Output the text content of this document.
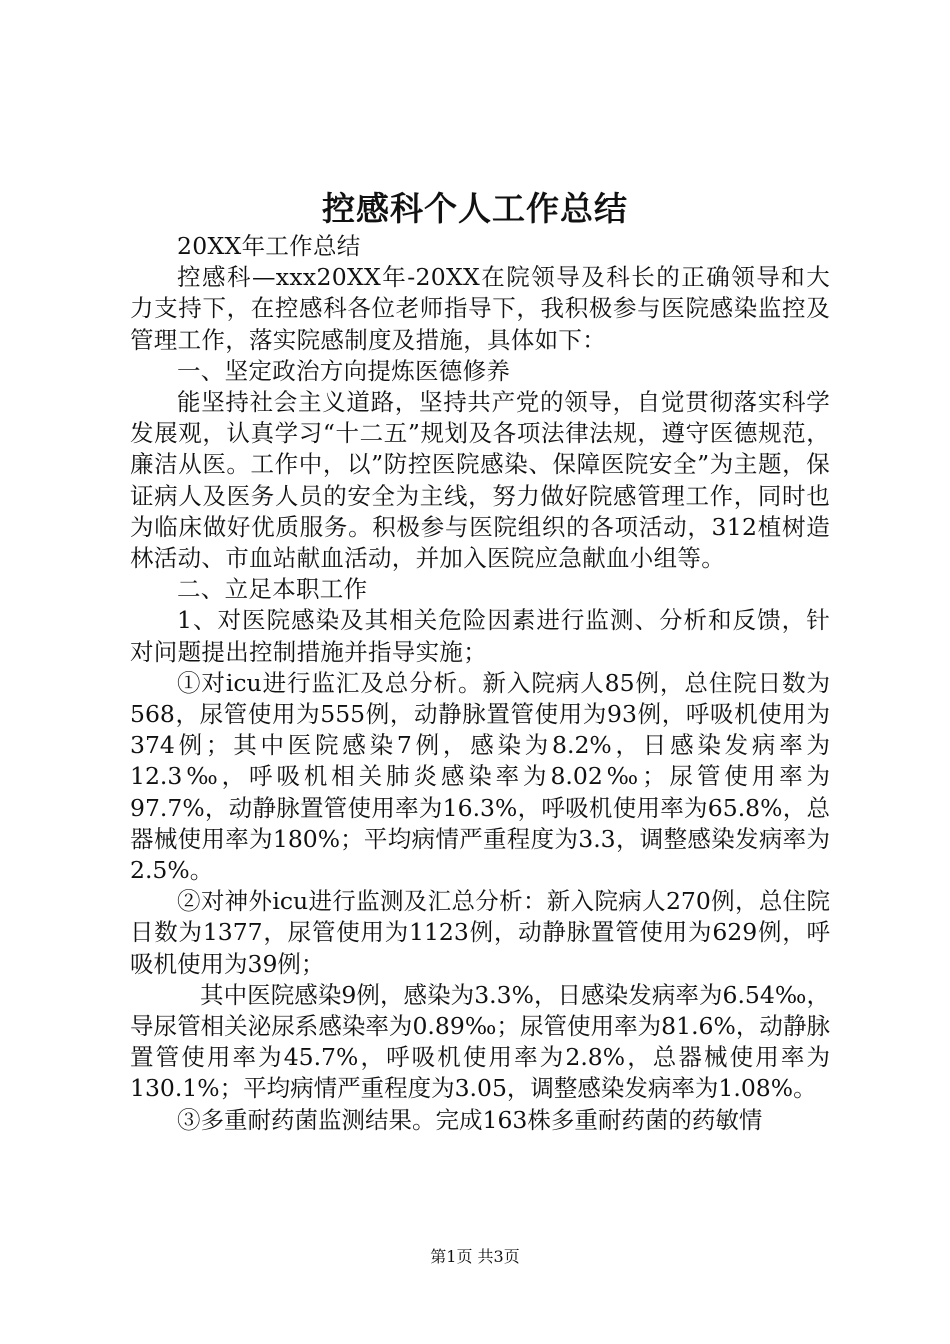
控感科个人工作总结

20XX年工作总结

控感科—xxx20XX年-20XX在院领导及科长的正确领导和大力支持下，在控感科各位老师指导下，我积极参与医院感染监控及管理工作，落实院感制度及措施，具体如下：

一、坚定政治方向提炼医德修养

能坚持社会主义道路，坚持共产党的领导，自觉贯彻落实科学发展观，认真学习“十二五”规划及各项法律法规，遵守医德规范，廉洁从医。工作中，以”防控医院感染、保障医院安全”为主题，保证病人及医务人员的安全为主线，努力做好院感管理工作，同时也为临床做好优质服务。积极参与医院组织的各项活动，312植树造林活动、市血站献血活动，并加入医院应急献血小组等。

二、立足本职工作

1、对医院感染及其相关危险因素进行监测、分析和反馈，针对问题提出控制措施并指导实施；

①对icu进行监汇及总分析。新入院病人85例，总住院日数为568，尿管使用为555例，动静脉置管使用为93例，呼吸机使用为374例；其中医院感染7例，感染为8.2%，日感染发病率为12.3‰，呼吸机相关肺炎感染率为8.02‰；尿管使用率为97.7%，动静脉置管使用率为16.3%，呼吸机使用率为65.8%，总器械使用率为180%；平均病情严重程度为3.3，调整感染发病率为2.5%。

②对神外icu进行监测及汇总分析：新入院病人270例，总住院日数为1377，尿管使用为1123例，动静脉置管使用为629例，呼吸机使用为39例；

其中医院感染9例，感染为3.3%，日感染发病率为6.54‰，导尿管相关泌尿系感染率为0.89‰；尿管使用率为81.6%，动静脉置管使用率为45.7%，呼吸机使用率为2.8%，总器械使用率为130.1%；平均病情严重程度为3.05，调整感染发病率为1.08%。

③多重耐药菌监测结果。完成163株多重耐药菌的药敏情

第1页 共3页
